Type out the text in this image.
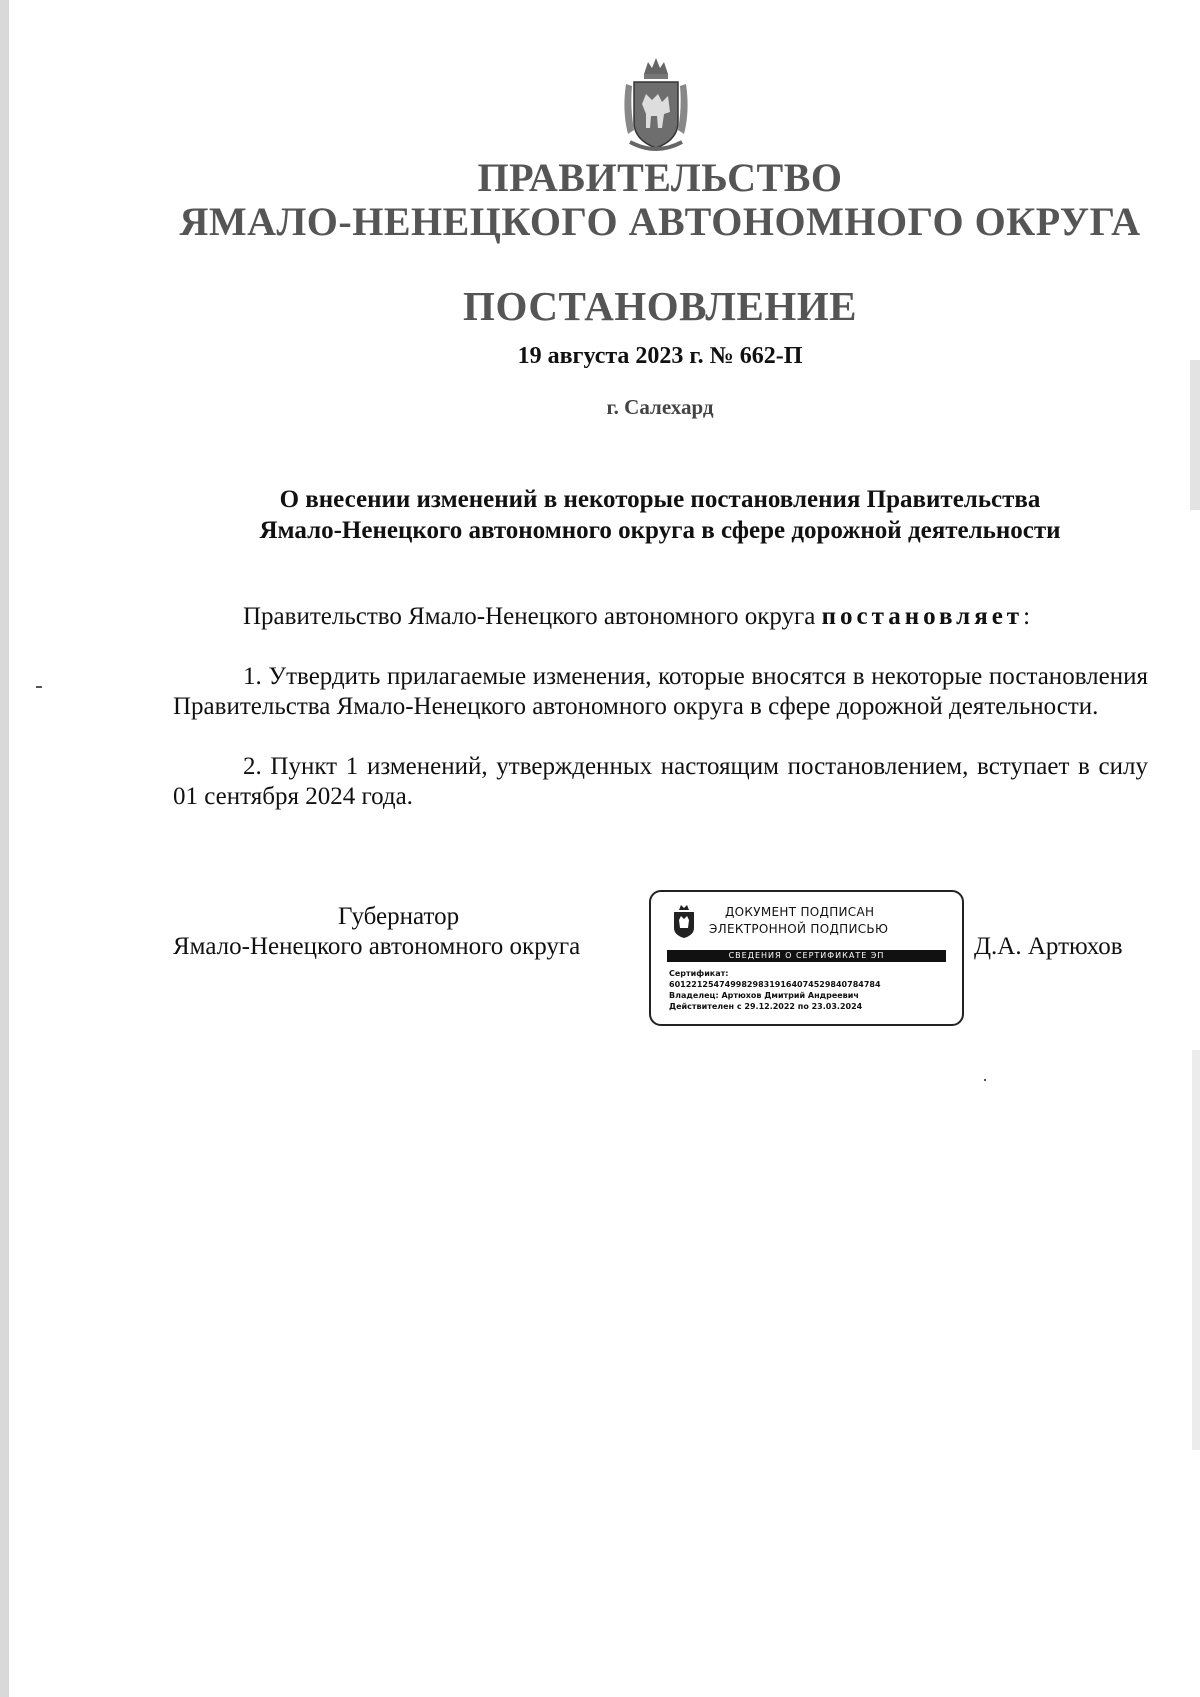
ПРАВИТЕЛЬСТВО
ЯМАЛО-НЕНЕЦКОГО АВТОНОМНОГО ОКРУГА
ПОСТАНОВЛЕНИЕ
19 августа 2023 г. № 662-П
г. Салехард
О внесении изменений в некоторые постановления Правительства
Ямало-Ненецкого автономного округа в сфере дорожной деятельности
Правительство Ямало-Ненецкого автономного округа постановляет:
1. Утвердить прилагаемые изменения, которые вносятся в некоторые постановления Правительства Ямало-Ненецкого автономного округа в сфере дорожной деятельности.
2. Пункт 1 изменений, утвержденных настоящим постановлением, вступает в силу 01 сентября 2024 года.
Губернатор
Ямало-Ненецкого автономного округа	Д.А. Артюхов
ДОКУМЕНТ ПОДПИСАН
ЭЛЕКТРОННОЙ ПОДПИСЬЮ
СВЕДЕНИЯ О СЕРТИФИКАТЕ ЭП
Сертификат:
60122125474998298319164074529840784784
Владелец: Артюхов Дмитрий Андреевич
Действителен с 29.12.2022 по 23.03.2024
